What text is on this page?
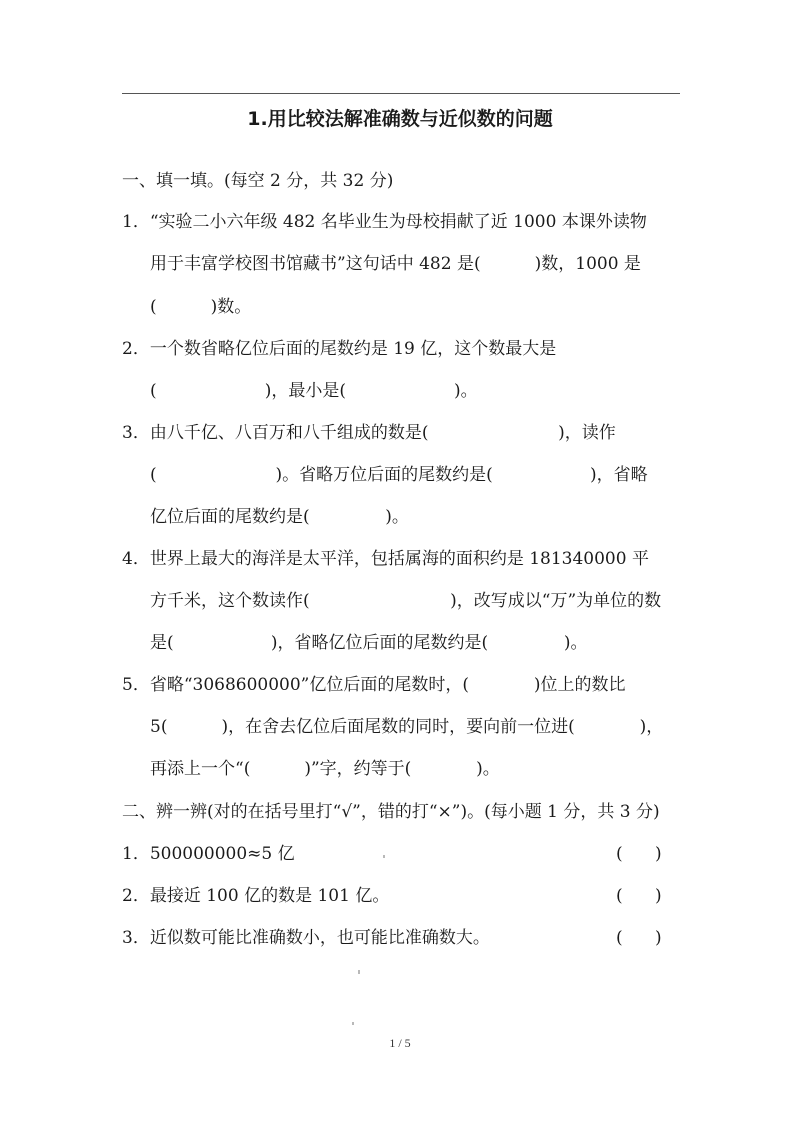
1.用比较法解准确数与近似数的问题
一、填一填。(每空 2 分，共 32 分)
1．“实验二小六年级 482 名毕业生为母校捐献了近 1000 本课外读物
用于丰富学校图书馆藏书”这句话中 482 是(          )数，1000 是
(          )数。
2．一个数省略亿位后面的尾数约是 19 亿，这个数最大是
(                    )，最小是(                    )。
3．由八千亿、八百万和八千组成的数是(                        )，读作
(                      )。省略万位后面的尾数约是(                  )，省略
亿位后面的尾数约是(              )。
4．世界上最大的海洋是太平洋，包括属海的面积约是 181340000 平
方千米，这个数读作(                          )，改写成以“万”为单位的数
是(                  )，省略亿位后面的尾数约是(              )。
5．省略“3068600000”亿位后面的尾数时，(            )位上的数比
5(          )，在舍去亿位后面尾数的同时，要向前一位进(            )，
再添上一个“(          )”字，约等于(            )。
二、辨一辨(对的在括号里打“√”，错的打“×”)。(每小题 1 分，共 3 分)
1．500000000≈5 亿	(      )
2．最接近 100 亿的数是 101 亿。	(      )
3．近似数可能比准确数小，也可能比准确数大。	(      )
1 / 5
